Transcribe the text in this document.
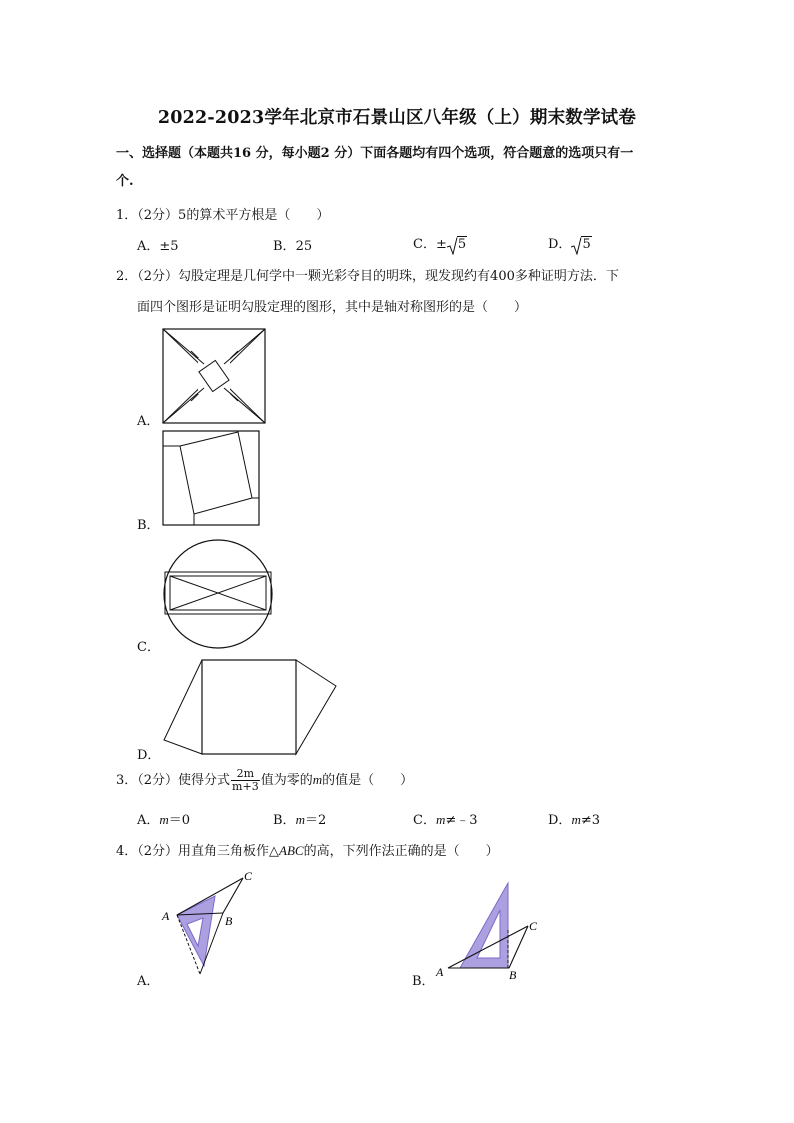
2022-2023学年北京市石景山区八年级（上）期末数学试卷
一、选择题（本题共16 分，每小题2 分）下面各题均有四个选项，符合题意的选项只有一
个.
1．（2分）5的算术平方根是（　　）
A．±5	B．25	C．± 5	D． 5
2．（2分）勾股定理是几何学中一颗光彩夺目的明珠，现发现约有400多种证明方法．下
面四个图形是证明勾股定理的图形，其中是轴对称图形的是（　　）
A．
B．
C．
D．
3．（2分）使得分式 $\frac{2m}{m+3}$ 值为零的m的值是（　　）
A．m＝0	B．m＝2	C．m≠﹣3	D．m≠3
4．（2分）用直角三角板作△ABC的高，下列作法正确的是（　　）
A	B
C
A．
A	B
C
B．
